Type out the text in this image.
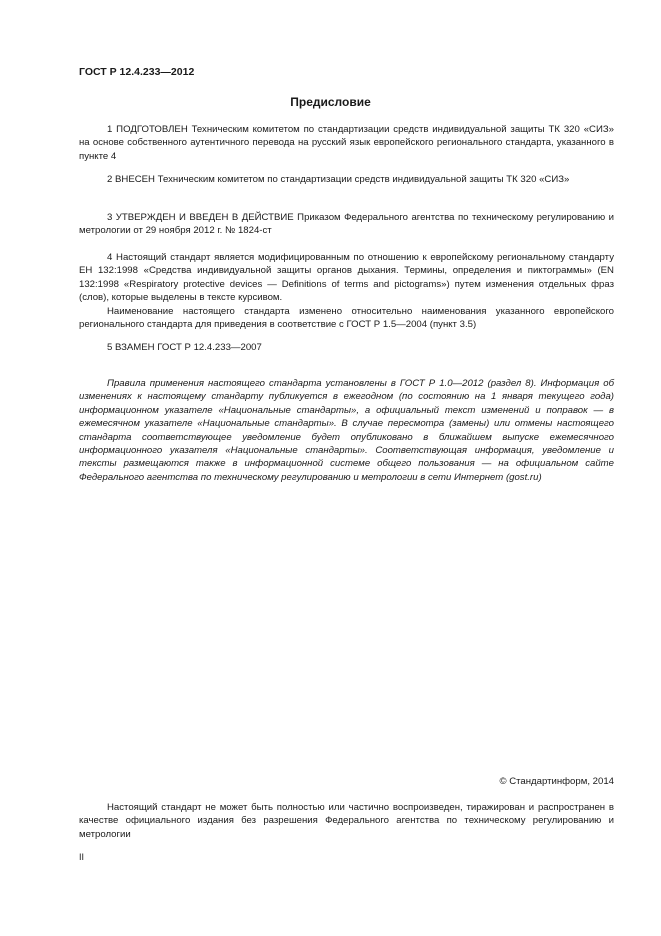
ГОСТ Р 12.4.233—2012
Предисловие

1 ПОДГОТОВЛЕН Техническим комитетом по стандартизации средств индивидуальной защиты ТК 320 «СИЗ» на основе собственного аутентичного перевода на русский язык европейского регионального стандарта, указанного в пункте 4

2 ВНЕСЕН Техническим комитетом по стандартизации средств индивидуальной защиты ТК 320 «СИЗ»

3 УТВЕРЖДЕН И ВВЕДЕН В ДЕЙСТВИЕ Приказом Федерального агентства по техническому регулированию и метрологии от 29 ноября 2012 г. № 1824-ст

4 Настоящий стандарт является модифицированным по отношению к европейскому региональному стандарту ЕН 132:1998 «Средства индивидуальной защиты органов дыхания. Термины, определения и пиктограммы» (EN 132:1998 «Respiratory protective devices — Definitions of terms and pictograms») путем изменения отдельных фраз (слов), которые выделены в тексте курсивом.

Наименование настоящего стандарта изменено относительно наименования указанного европейского регионального стандарта для приведения в соответствие с ГОСТ Р 1.5—2004 (пункт 3.5)

5 ВЗАМЕН ГОСТ Р 12.4.233—2007

Правила применения настоящего стандарта установлены в ГОСТ Р 1.0—2012 (раздел 8). Информация об изменениях к настоящему стандарту публикуется в ежегодном (по состоянию на 1 января текущего года) информационном указателе «Национальные стандарты», а официальный текст изменений и поправок — в ежемесячном указателе «Национальные стандарты». В случае пересмотра (замены) или отмены настоящего стандарта соответствующее уведомление будет опубликовано в ближайшем выпуске ежемесячного информационного указателя «Национальные стандарты». Соответствующая информация, уведомление и тексты размещаются также в информационной системе общего пользования — на официальном сайте Федерального агентства по техническому регулированию и метрологии в сети Интернет (gost.ru)

© Стандартинформ, 2014

Настоящий стандарт не может быть полностью или частично воспроизведен, тиражирован и распространен в качестве официального издания без разрешения Федерального агентства по техническому регулированию и метрологии

II
